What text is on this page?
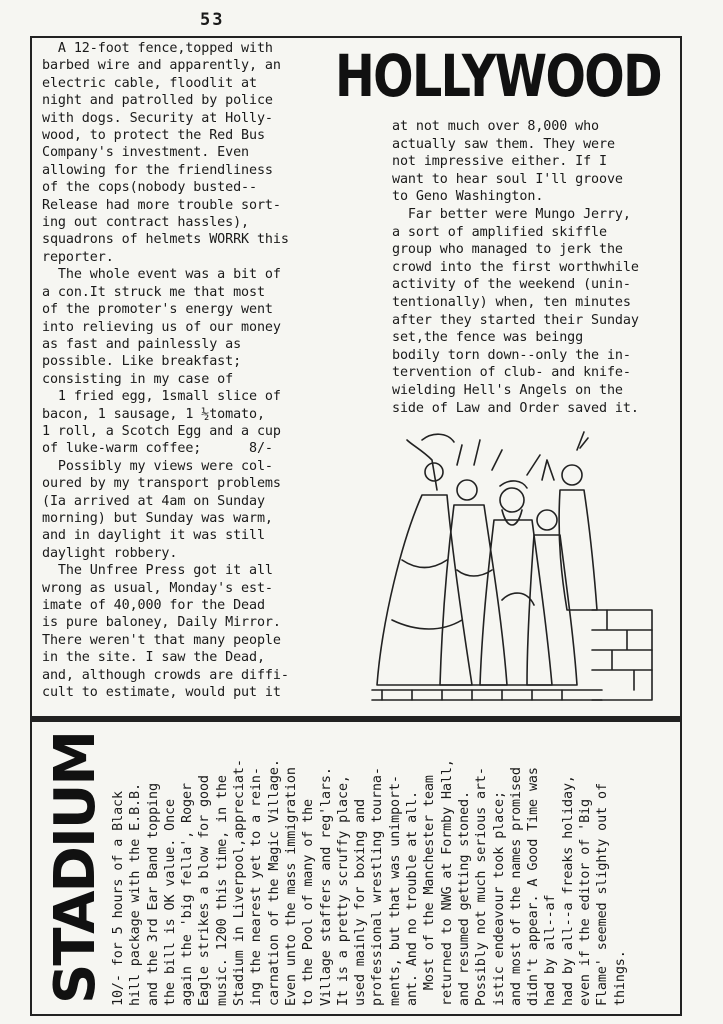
53
HOLLYWOOD
A 12-foot fence,topped with
barbed wire and apparently, an
electric cable, floodlit at
night and patrolled by police
with dogs. Security at Holly-
wood, to protect the Red Bus
Company's investment. Even
allowing for the friendliness
of the cops(nobody busted--
Release had more trouble sort-
ing out contract hassles),
squadrons of helmets WORRK this
reporter.
The whole event was a bit of
a con.It struck me that most
of the promoter's energy went
into relieving us of our money
as fast and painlessly as
possible. Like breakfast;
consisting in my case of
1 fried egg, 1small slice of
bacon, 1 sausage, 1 ½tomato,
1 roll, a Scotch Egg and a cup
of luke-warm coffee;      8/-
Possibly my views were col-
oured by my transport problems
(Ia arrived at 4am on Sunday
morning) but Sunday was warm,
and in daylight it was still
daylight robbery.
The Unfree Press got it all
wrong as usual, Monday's est-
imate of 40,000 for the Dead
is pure baloney, Daily Mirror.
There weren't that many people
in the site. I saw the Dead,
and, although crowds are diffi-
cult to estimate, would put it
at not much over 8,000 who
actually saw them. They were
not impressive either. If I
want to hear soul I'll groove
to Geno Washington.
Far better were Mungo Jerry,
a sort of amplified skiffle
group who managed to jerk the
crowd into the first worthwhile
activity of the weekend (unin-
tentionally) when, ten minutes
after they started their Sunday
set,the fence was beingg
bodily torn down--only the in-
tervention of club- and knife-
wielding Hell's Angels on the
side of Law and Order saved it.
STADIUM 10/- for 5 hours of a Black hill package with the E.B.B. and the 3rd Ear Band topping the bill is OK value. Once again the 'big fella', Roger Eagle strikes a blow for good music. 1200 this time, in the Stadium in Liverpool,appreciat- ing the nearest yet to a rein- carnation of the Magic Village. Even unto the mass immigration to the Pool of many of the Village staffers and reg'lars. It is a pretty scruffy place, used mainly for boxing and professional wrestling tourna- ments, but that was unimport- ant. And no trouble at all. Most of the Manchester team returned to NWG at Formby Hall, and resumed getting stoned. Possibly not much serious art- istic endeavour took place; and most of the names promised didn't appear. A Good Time was had by all--af had by all--a freaks holiday, even if the editor of 'Big Flame' seemed slighty out of things.
